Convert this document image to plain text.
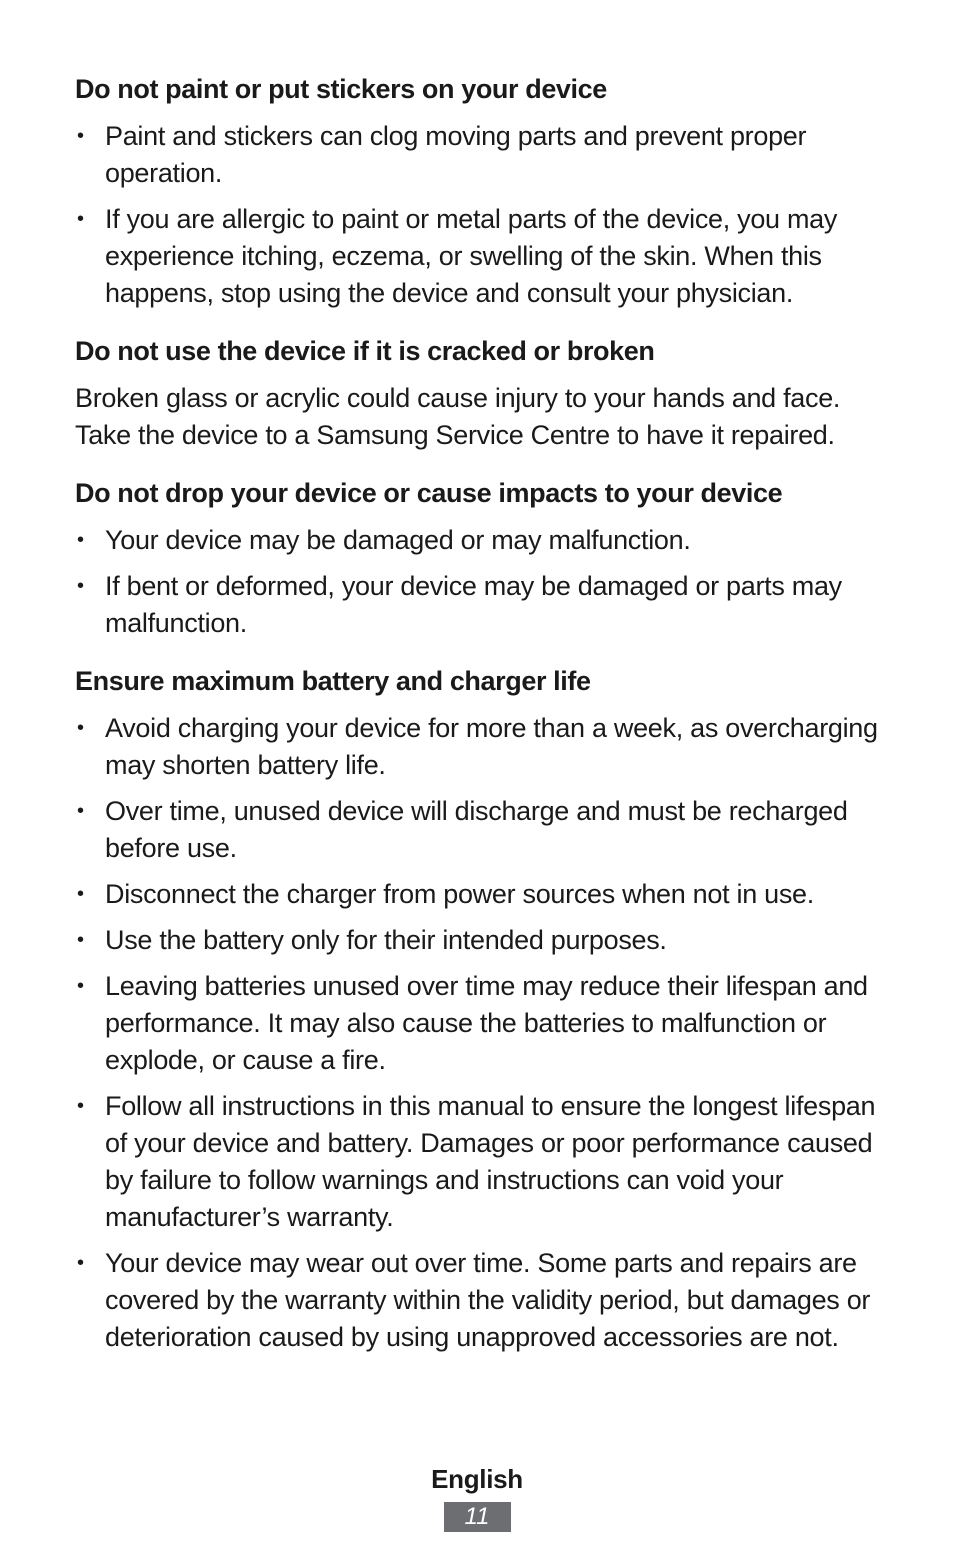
Do not paint or put stickers on your device
• Paint and stickers can clog moving parts and prevent proper operation.
• If you are allergic to paint or metal parts of the device, you may experience itching, eczema, or swelling of the skin. When this happens, stop using the device and consult your physician.
Do not use the device if it is cracked or broken

Broken glass or acrylic could cause injury to your hands and face. Take the device to a Samsung Service Centre to have it repaired.

Do not drop your device or cause impacts to your device
• Your device may be damaged or may malfunction.
• If bent or deformed, your device may be damaged or parts may malfunction.
Ensure maximum battery and charger life
• Avoid charging your device for more than a week, as overcharging may shorten battery life.
• Over time, unused device will discharge and must be recharged before use.
• Disconnect the charger from power sources when not in use.
• Use the battery only for their intended purposes.
• Leaving batteries unused over time may reduce their lifespan and performance. It may also cause the batteries to malfunction or explode, or cause a fire.
• Follow all instructions in this manual to ensure the longest lifespan of your device and battery. Damages or poor performance caused by failure to follow warnings and instructions can void your manufacturer’s warranty.
• Your device may wear out over time. Some parts and repairs are covered by the warranty within the validity period, but damages or deterioration caused by using unapproved accessories are not.
English
11
